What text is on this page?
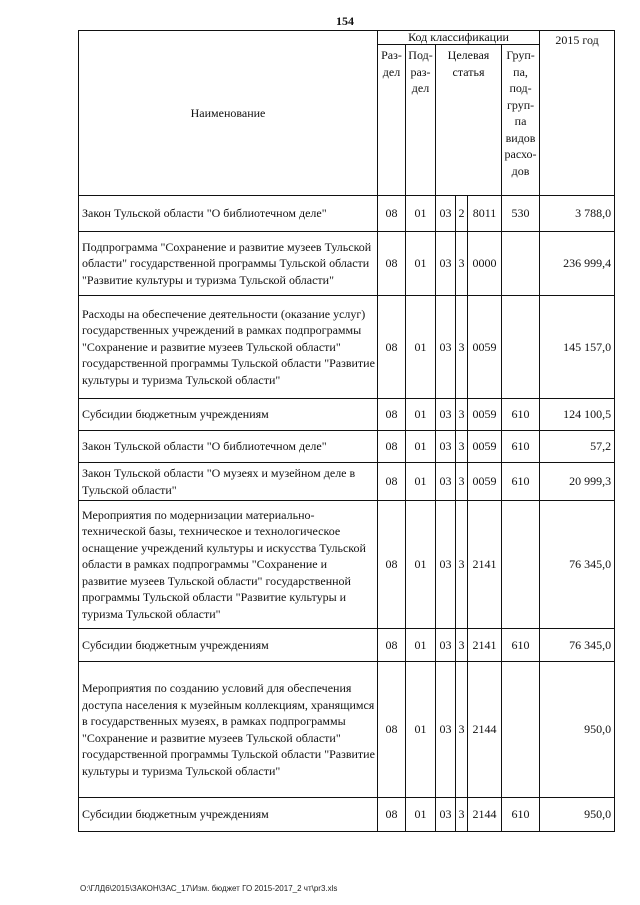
154
Наименование	Код классификации						2015 год
	Раз-дел	Под-раз-дел	Целевая статья			Груп-па, под-груп-па видов расхо-дов	
Закон Тульской области "О библиотечном деле"	08	01	03	2	8011	530	3 788,0
Подпрограмма "Сохранение и развитие музеев Тульской области" государственной программы Тульской области "Развитие культуры и туризма Тульской области"	08	01	03	3	0000		236 999,4
Расходы на обеспечение деятельности (оказание услуг) государственных учреждений в рамках подпрограммы "Сохранение и развитие музеев Тульской области" государственной программы Тульской области "Развитие культуры и туризма Тульской области"	08	01	03	3	0059		145 157,0
Субсидии бюджетным учреждениям	08	01	03	3	0059	610	124 100,5
Закон Тульской области "О библиотечном деле"	08	01	03	3	0059	610	57,2
Закон Тульской области "О музеях и музейном деле в Тульской области"	08	01	03	3	0059	610	20 999,3
Мероприятия по модернизации материально-технической базы, техническое и технологическое оснащение учреждений культуры и искусства Тульской области в рамках подпрограммы "Сохранение и развитие музеев Тульской области" государственной программы Тульской области "Развитие культуры и туризма Тульской области"	08	01	03	3	2141		76 345,0
Субсидии бюджетным учреждениям	08	01	03	3	2141	610	76 345,0
Мероприятия по созданию условий для обеспечения доступа населения к музейным коллекциям, хранящимся в государственных музеях, в рамках подпрограммы "Сохранение и развитие музеев Тульской области" государственной программы Тульской области "Развитие культуры и туризма Тульской области"	08	01	03	3	2144		950,0
Субсидии бюджетным учреждениям	08	01	03	3	2144	610	950,0
О:\ГЛД6\2015\ЗАКОН\ЗАС_17\Изм. бюджет ГО 2015-2017_2 чт\pr3.xls
